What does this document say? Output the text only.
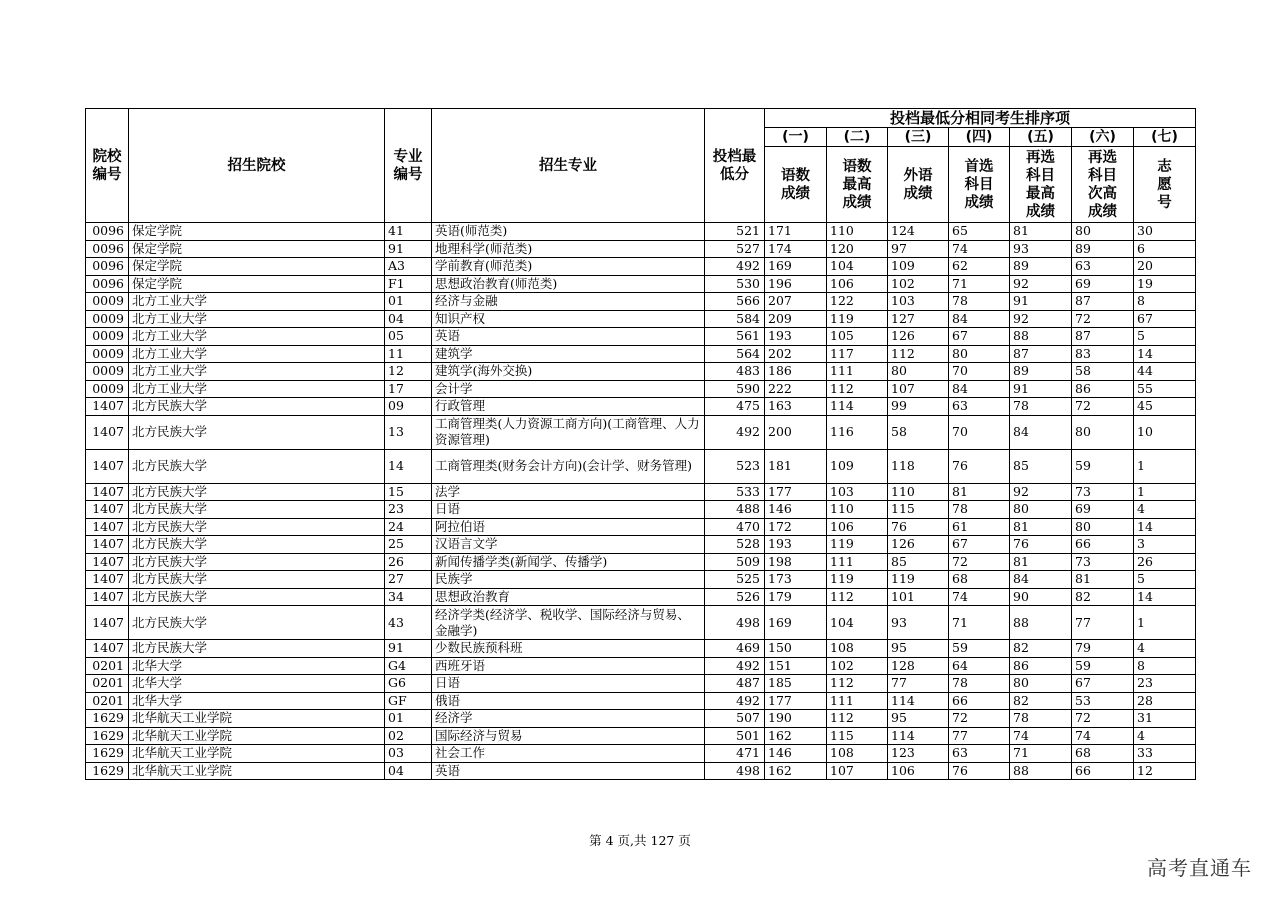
院校编号	招生院校	专业编号	招生专业	投档最低分	投档最低分相同考生排序项						
					(一)	(二)	(三)	(四)	(五)	(六)	(七)
					语数成绩	语数最高成绩	外语成绩	首选科目成绩	再选科目最高成绩	再选科目次高成绩	志愿号
0096	保定学院	41	英语(师范类)	521	171	110	124	65	81	80	30
0096	保定学院	91	地理科学(师范类)	527	174	120	97	74	93	89	6
0096	保定学院	A3	学前教育(师范类)	492	169	104	109	62	89	63	20
0096	保定学院	F1	思想政治教育(师范类)	530	196	106	102	71	92	69	19
0009	北方工业大学	01	经济与金融	566	207	122	103	78	91	87	8
0009	北方工业大学	04	知识产权	584	209	119	127	84	92	72	67
0009	北方工业大学	05	英语	561	193	105	126	67	88	87	5
0009	北方工业大学	11	建筑学	564	202	117	112	80	87	83	14
0009	北方工业大学	12	建筑学(海外交换)	483	186	111	80	70	89	58	44
0009	北方工业大学	17	会计学	590	222	112	107	84	91	86	55
1407	北方民族大学	09	行政管理	475	163	114	99	63	78	72	45
1407	北方民族大学	13	工商管理类(人力资源工商方向)(工商管理、人力资源管理)	492	200	116	58	70	84	80	10
1407	北方民族大学	14	工商管理类(财务会计方向)(会计学、财务管理)	523	181	109	118	76	85	59	1
1407	北方民族大学	15	法学	533	177	103	110	81	92	73	1
1407	北方民族大学	23	日语	488	146	110	115	78	80	69	4
1407	北方民族大学	24	阿拉伯语	470	172	106	76	61	81	80	14
1407	北方民族大学	25	汉语言文学	528	193	119	126	67	76	66	3
1407	北方民族大学	26	新闻传播学类(新闻学、传播学)	509	198	111	85	72	81	73	26
1407	北方民族大学	27	民族学	525	173	119	119	68	84	81	5
1407	北方民族大学	34	思想政治教育	526	179	112	101	74	90	82	14
1407	北方民族大学	43	经济学类(经济学、税收学、国际经济与贸易、金融学)	498	169	104	93	71	88	77	1
1407	北方民族大学	91	少数民族预科班	469	150	108	95	59	82	79	4
0201	北华大学	G4	西班牙语	492	151	102	128	64	86	59	8
0201	北华大学	G6	日语	487	185	112	77	78	80	67	23
0201	北华大学	GF	俄语	492	177	111	114	66	82	53	28
1629	北华航天工业学院	01	经济学	507	190	112	95	72	78	72	31
1629	北华航天工业学院	02	国际经济与贸易	501	162	115	114	77	74	74	4
1629	北华航天工业学院	03	社会工作	471	146	108	123	63	71	68	33
1629	北华航天工业学院	04	英语	498	162	107	106	76	88	66	12
第 4 页,共 127 页
高考直通车
